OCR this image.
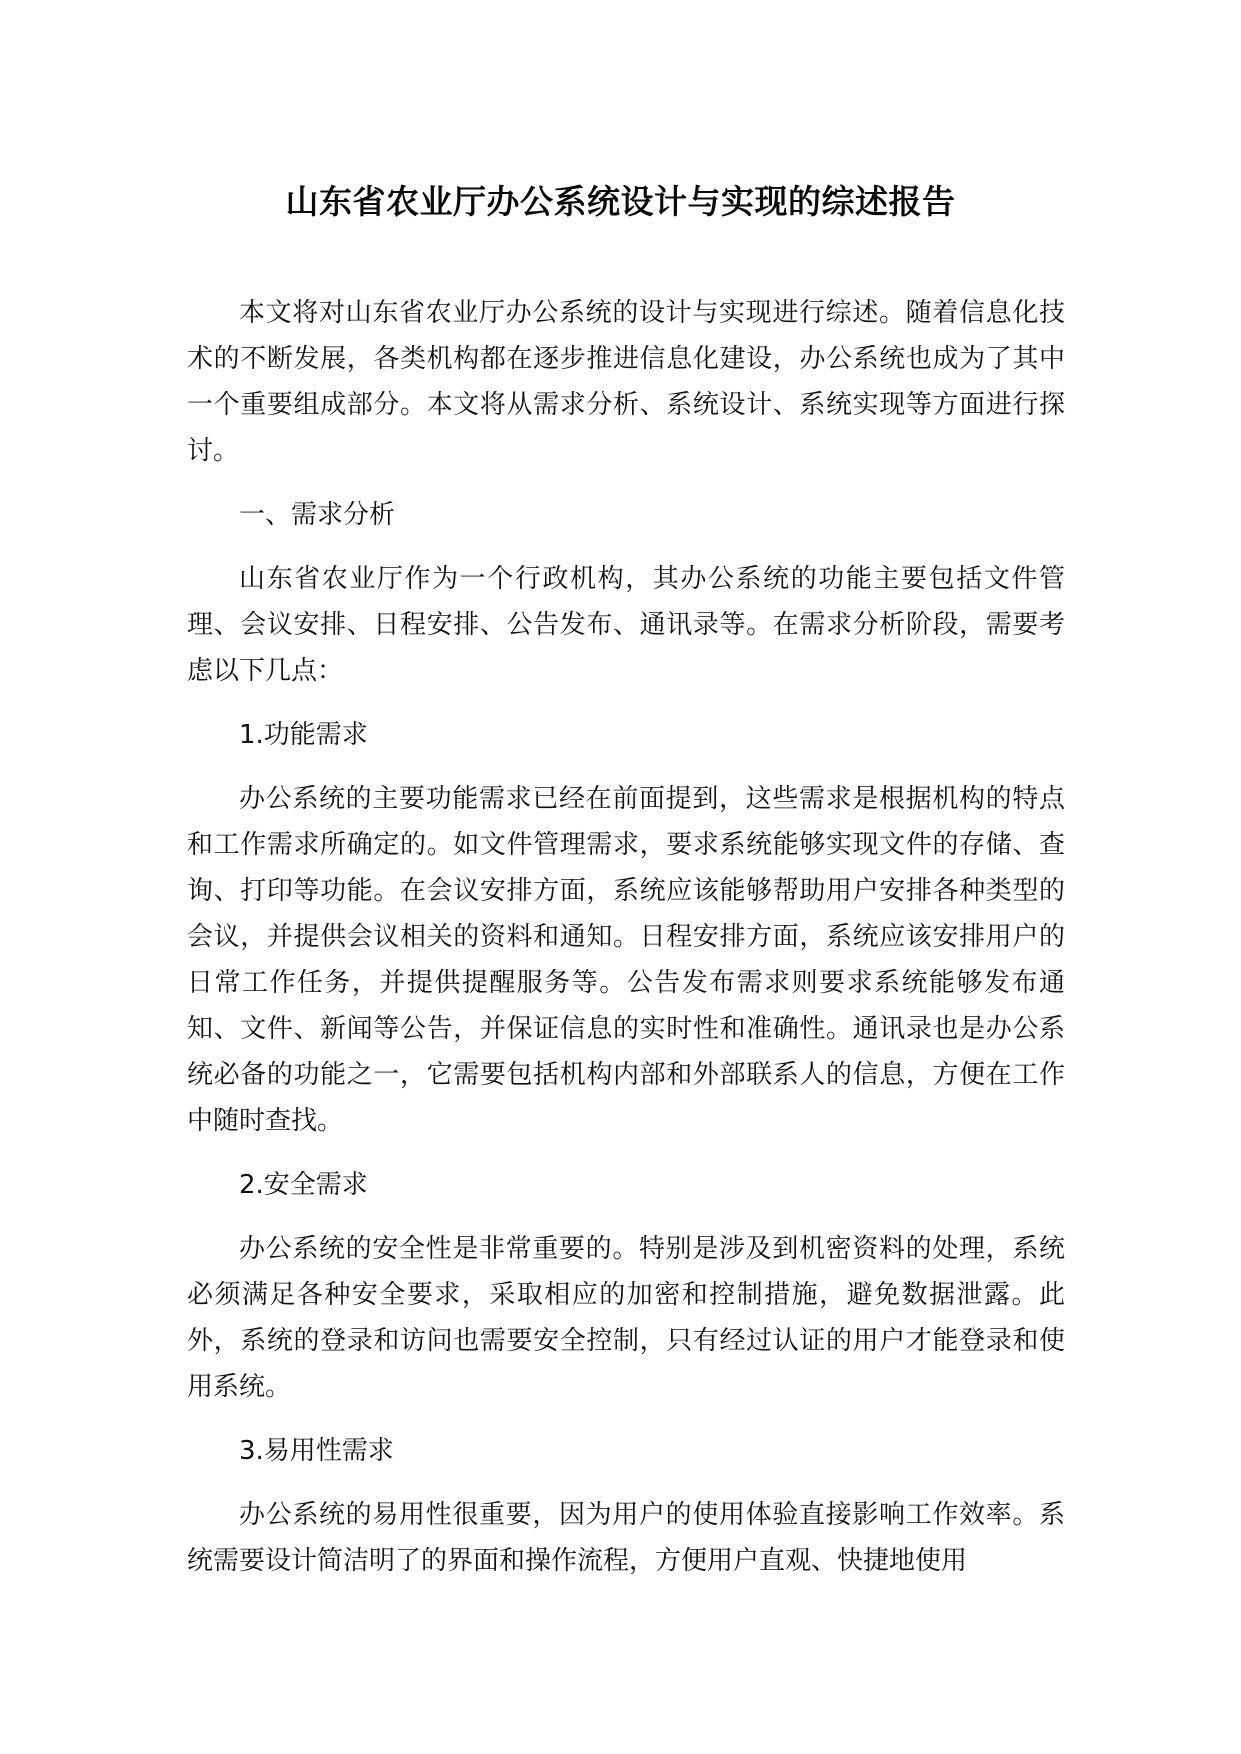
山东省农业厅办公系统设计与实现的综述报告

本文将对山东省农业厅办公系统的设计与实现进行综述。随着信息化技术的不断发展，各类机构都在逐步推进信息化建设，办公系统也成为了其中一个重要组成部分。本文将从需求分析、系统设计、系统实现等方面进行探讨。

一、需求分析

山东省农业厅作为一个行政机构，其办公系统的功能主要包括文件管理、会议安排、日程安排、公告发布、通讯录等。在需求分析阶段，需要考虑以下几点：

1.功能需求

办公系统的主要功能需求已经在前面提到，这些需求是根据机构的特点和工作需求所确定的。如文件管理需求，要求系统能够实现文件的存储、查询、打印等功能。在会议安排方面，系统应该能够帮助用户安排各种类型的会议，并提供会议相关的资料和通知。日程安排方面，系统应该安排用户的日常工作任务，并提供提醒服务等。公告发布需求则要求系统能够发布通知、文件、新闻等公告，并保证信息的实时性和准确性。通讯录也是办公系统必备的功能之一，它需要包括机构内部和外部联系人的信息，方便在工作中随时查找。

2.安全需求

办公系统的安全性是非常重要的。特别是涉及到机密资料的处理，系统必须满足各种安全要求，采取相应的加密和控制措施，避免数据泄露。此外，系统的登录和访问也需要安全控制，只有经过认证的用户才能登录和使用系统。

3.易用性需求

办公系统的易用性很重要，因为用户的使用体验直接影响工作效率。系统需要设计简洁明了的界面和操作流程，方便用户直观、快捷地使用
